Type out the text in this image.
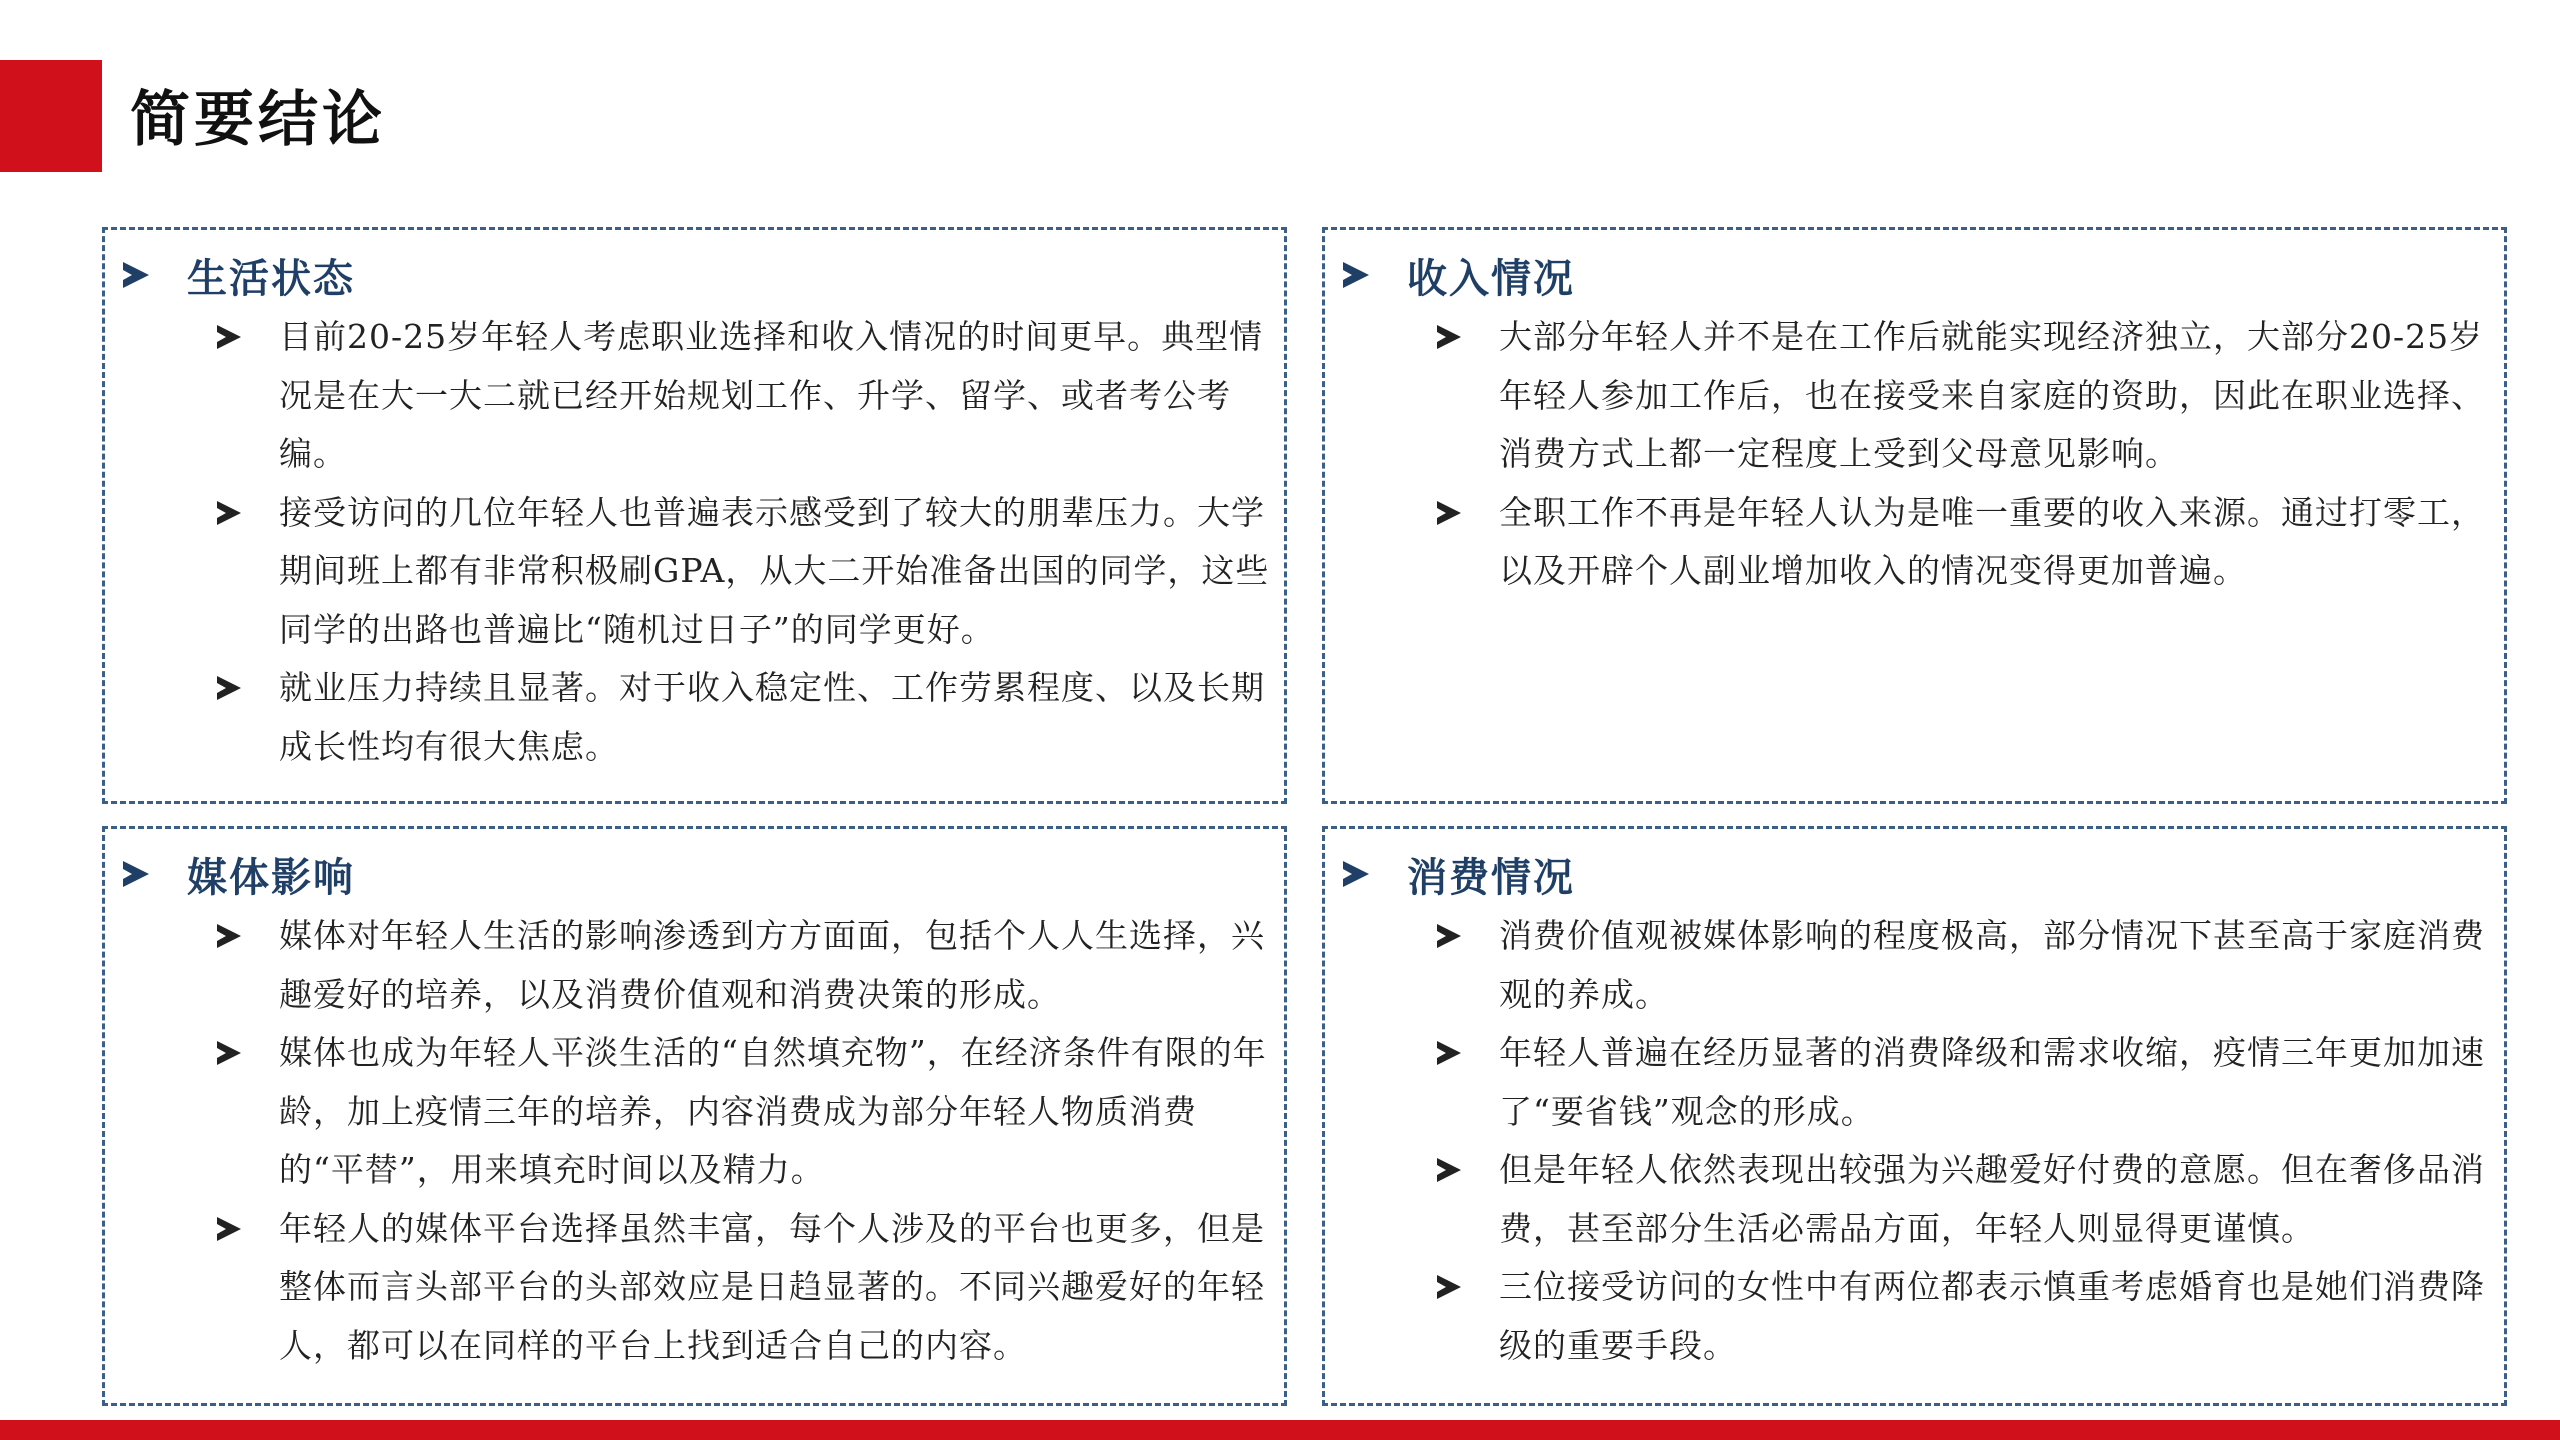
简要结论
生活状态
目前20-25岁年轻人考虑职业选择和收入情况的时间更早。典型情况是在大一大二就已经开始规划工作、升学、留学、或者考公考编。
接受访问的几位年轻人也普遍表示感受到了较大的朋辈压力。大学期间班上都有非常积极刷GPA，从大二开始准备出国的同学，这些同学的出路也普遍比“随机过日子”的同学更好。
就业压力持续且显著。对于收入稳定性、工作劳累程度、以及长期成长性均有很大焦虑。
收入情况
大部分年轻人并不是在工作后就能实现经济独立，大部分20-25岁年轻人参加工作后，也在接受来自家庭的资助，因此在职业选择、消费方式上都一定程度上受到父母意见影响。
全职工作不再是年轻人认为是唯一重要的收入来源。通过打零工，以及开辟个人副业增加收入的情况变得更加普遍。
媒体影响
媒体对年轻人生活的影响渗透到方方面面，包括个人人生选择，兴趣爱好的培养，以及消费价值观和消费决策的形成。
媒体也成为年轻人平淡生活的“自然填充物”，在经济条件有限的年龄，加上疫情三年的培养，内容消费成为部分年轻人物质消费的“平替”，用来填充时间以及精力。
年轻人的媒体平台选择虽然丰富，每个人涉及的平台也更多，但是整体而言头部平台的头部效应是日趋显著的。不同兴趣爱好的年轻人，都可以在同样的平台上找到适合自己的内容。
消费情况
消费价值观被媒体影响的程度极高，部分情况下甚至高于家庭消费观的养成。
年轻人普遍在经历显著的消费降级和需求收缩，疫情三年更加加速了“要省钱”观念的形成。
但是年轻人依然表现出较强为兴趣爱好付费的意愿。但在奢侈品消费，甚至部分生活必需品方面，年轻人则显得更谨慎。
三位接受访问的女性中有两位都表示慎重考虑婚育也是她们消费降级的重要手段。
